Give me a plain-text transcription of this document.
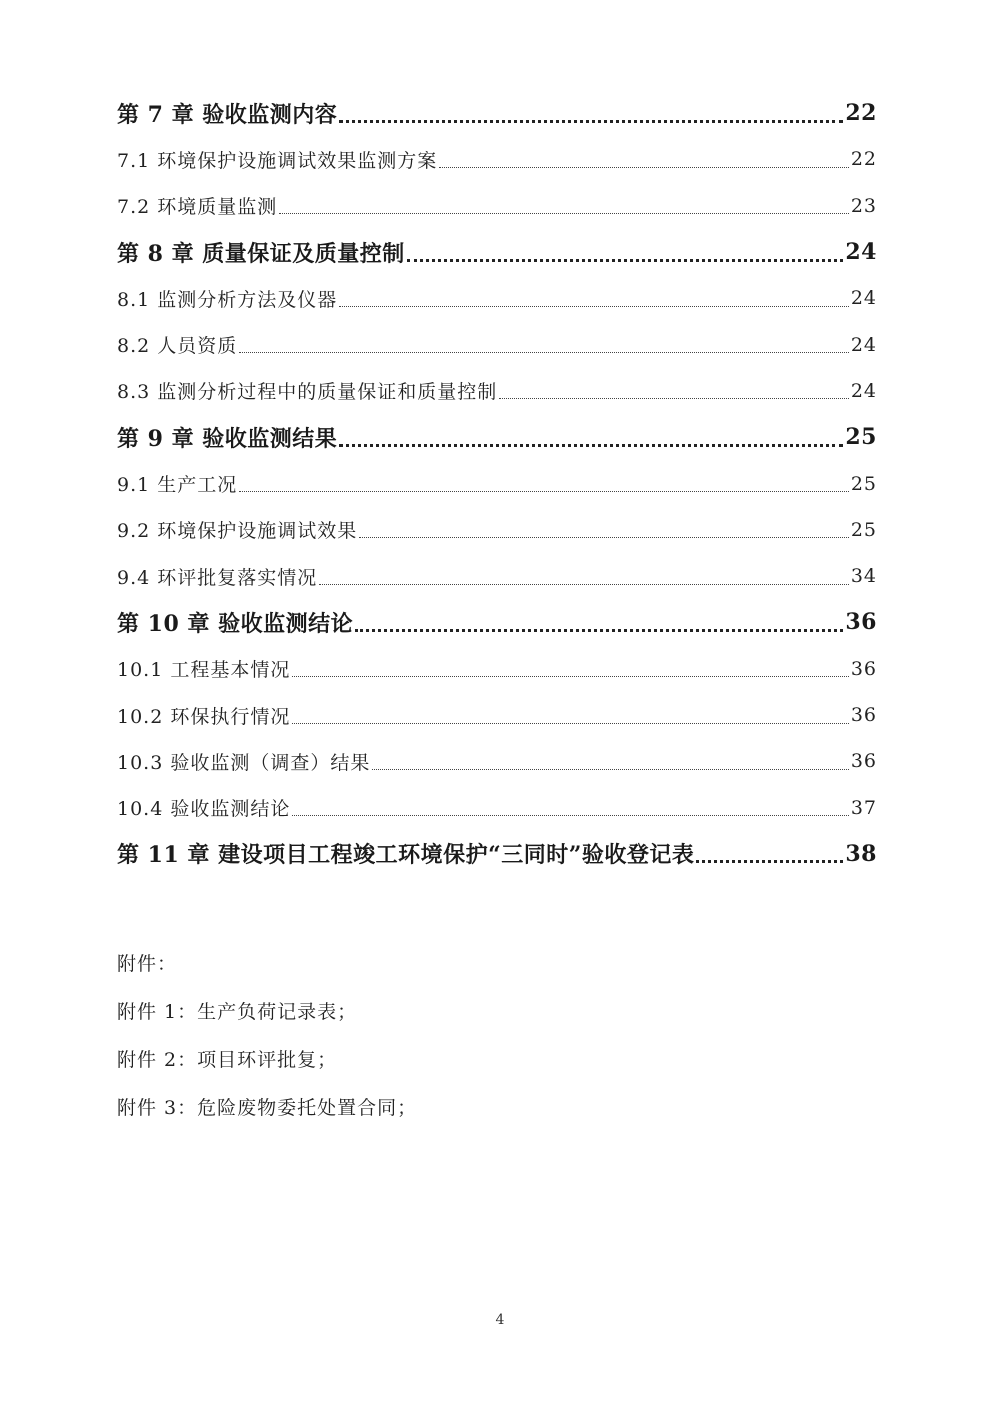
第 7 章 验收监测内容	22
7.1 环境保护设施调试效果监测方案	22
7.2 环境质量监测	23
第 8 章 质量保证及质量控制	24
8.1 监测分析方法及仪器	24
8.2 人员资质	24
8.3 监测分析过程中的质量保证和质量控制	24
第 9 章 验收监测结果	25
9.1 生产工况	25
9.2 环境保护设施调试效果	25
9.4 环评批复落实情况	34
第 10 章 验收监测结论	36
10.1 工程基本情况	36
10.2 环保执行情况	36
10.3 验收监测（调查）结果	36
10.4 验收监测结论	37
第 11 章 建设项目工程竣工环境保护“三同时”验收登记表	38
附件：
附件 1：生产负荷记录表；
附件 2：项目环评批复；
附件 3：危险废物委托处置合同；
4
